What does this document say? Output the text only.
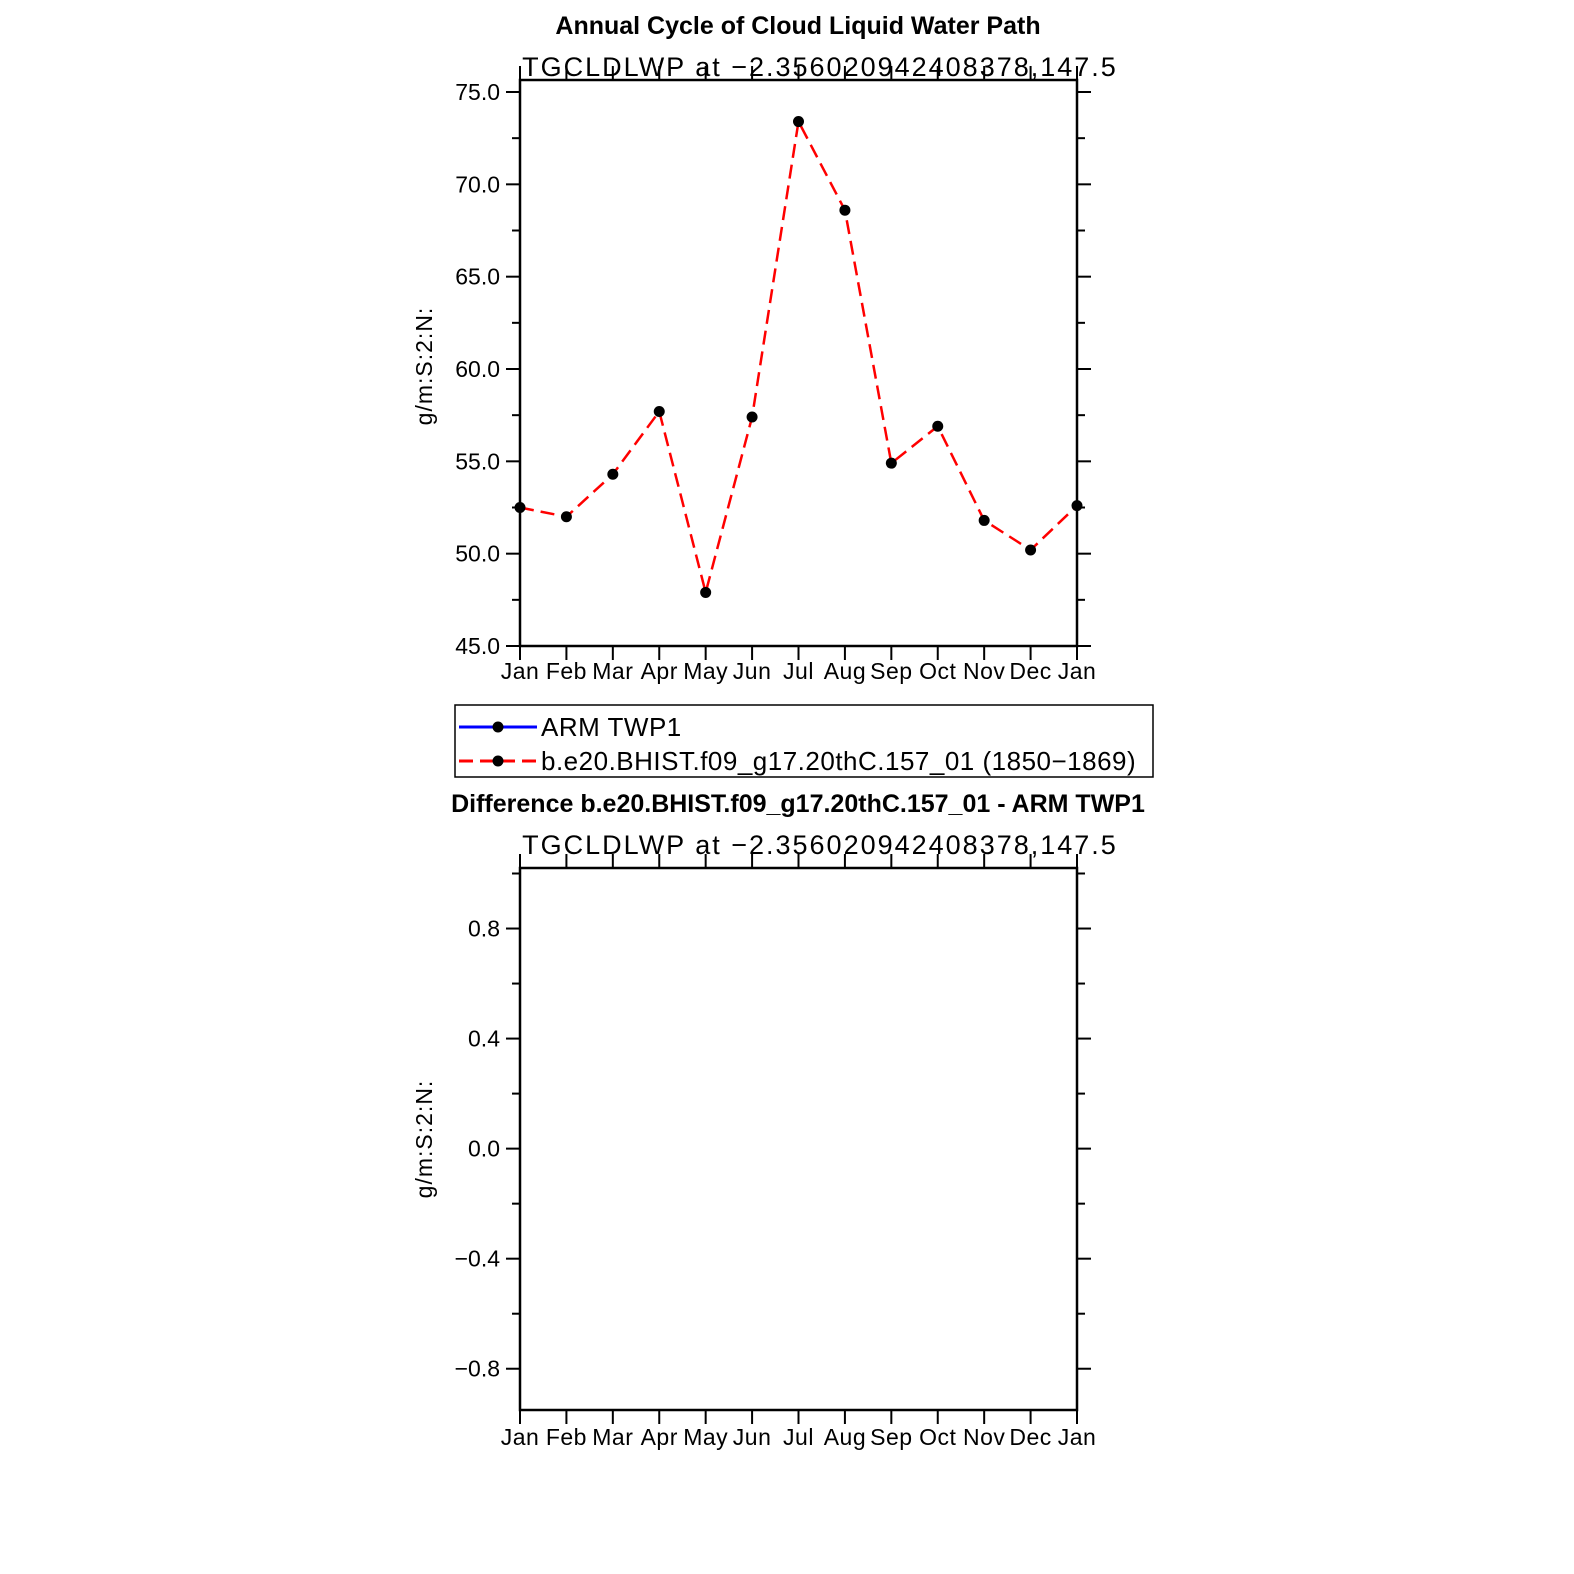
Annual Cycle of Cloud Liquid Water Path
TGCLDLWP at −2.356020942408378,147.5
Jan Feb Mar Apr May Jun Jul Aug Sep Oct Nov Dec Jan
45.0
50.0
55.0
60.0
65.0
70.0
75.0
g/m:S:2:N:
ARM TWP1
b.e20.BHIST.f09_g17.20thC.157_01 (1850−1869)
Difference b.e20.BHIST.f09_g17.20thC.157_01 - ARM TWP1
TGCLDLWP at −2.356020942408378,147.5
Jan Feb Mar Apr May Jun Jul Aug Sep Oct Nov Dec Jan
−0.8
−0.4
0.0
0.4
0.8
g/m:S:2:N:
